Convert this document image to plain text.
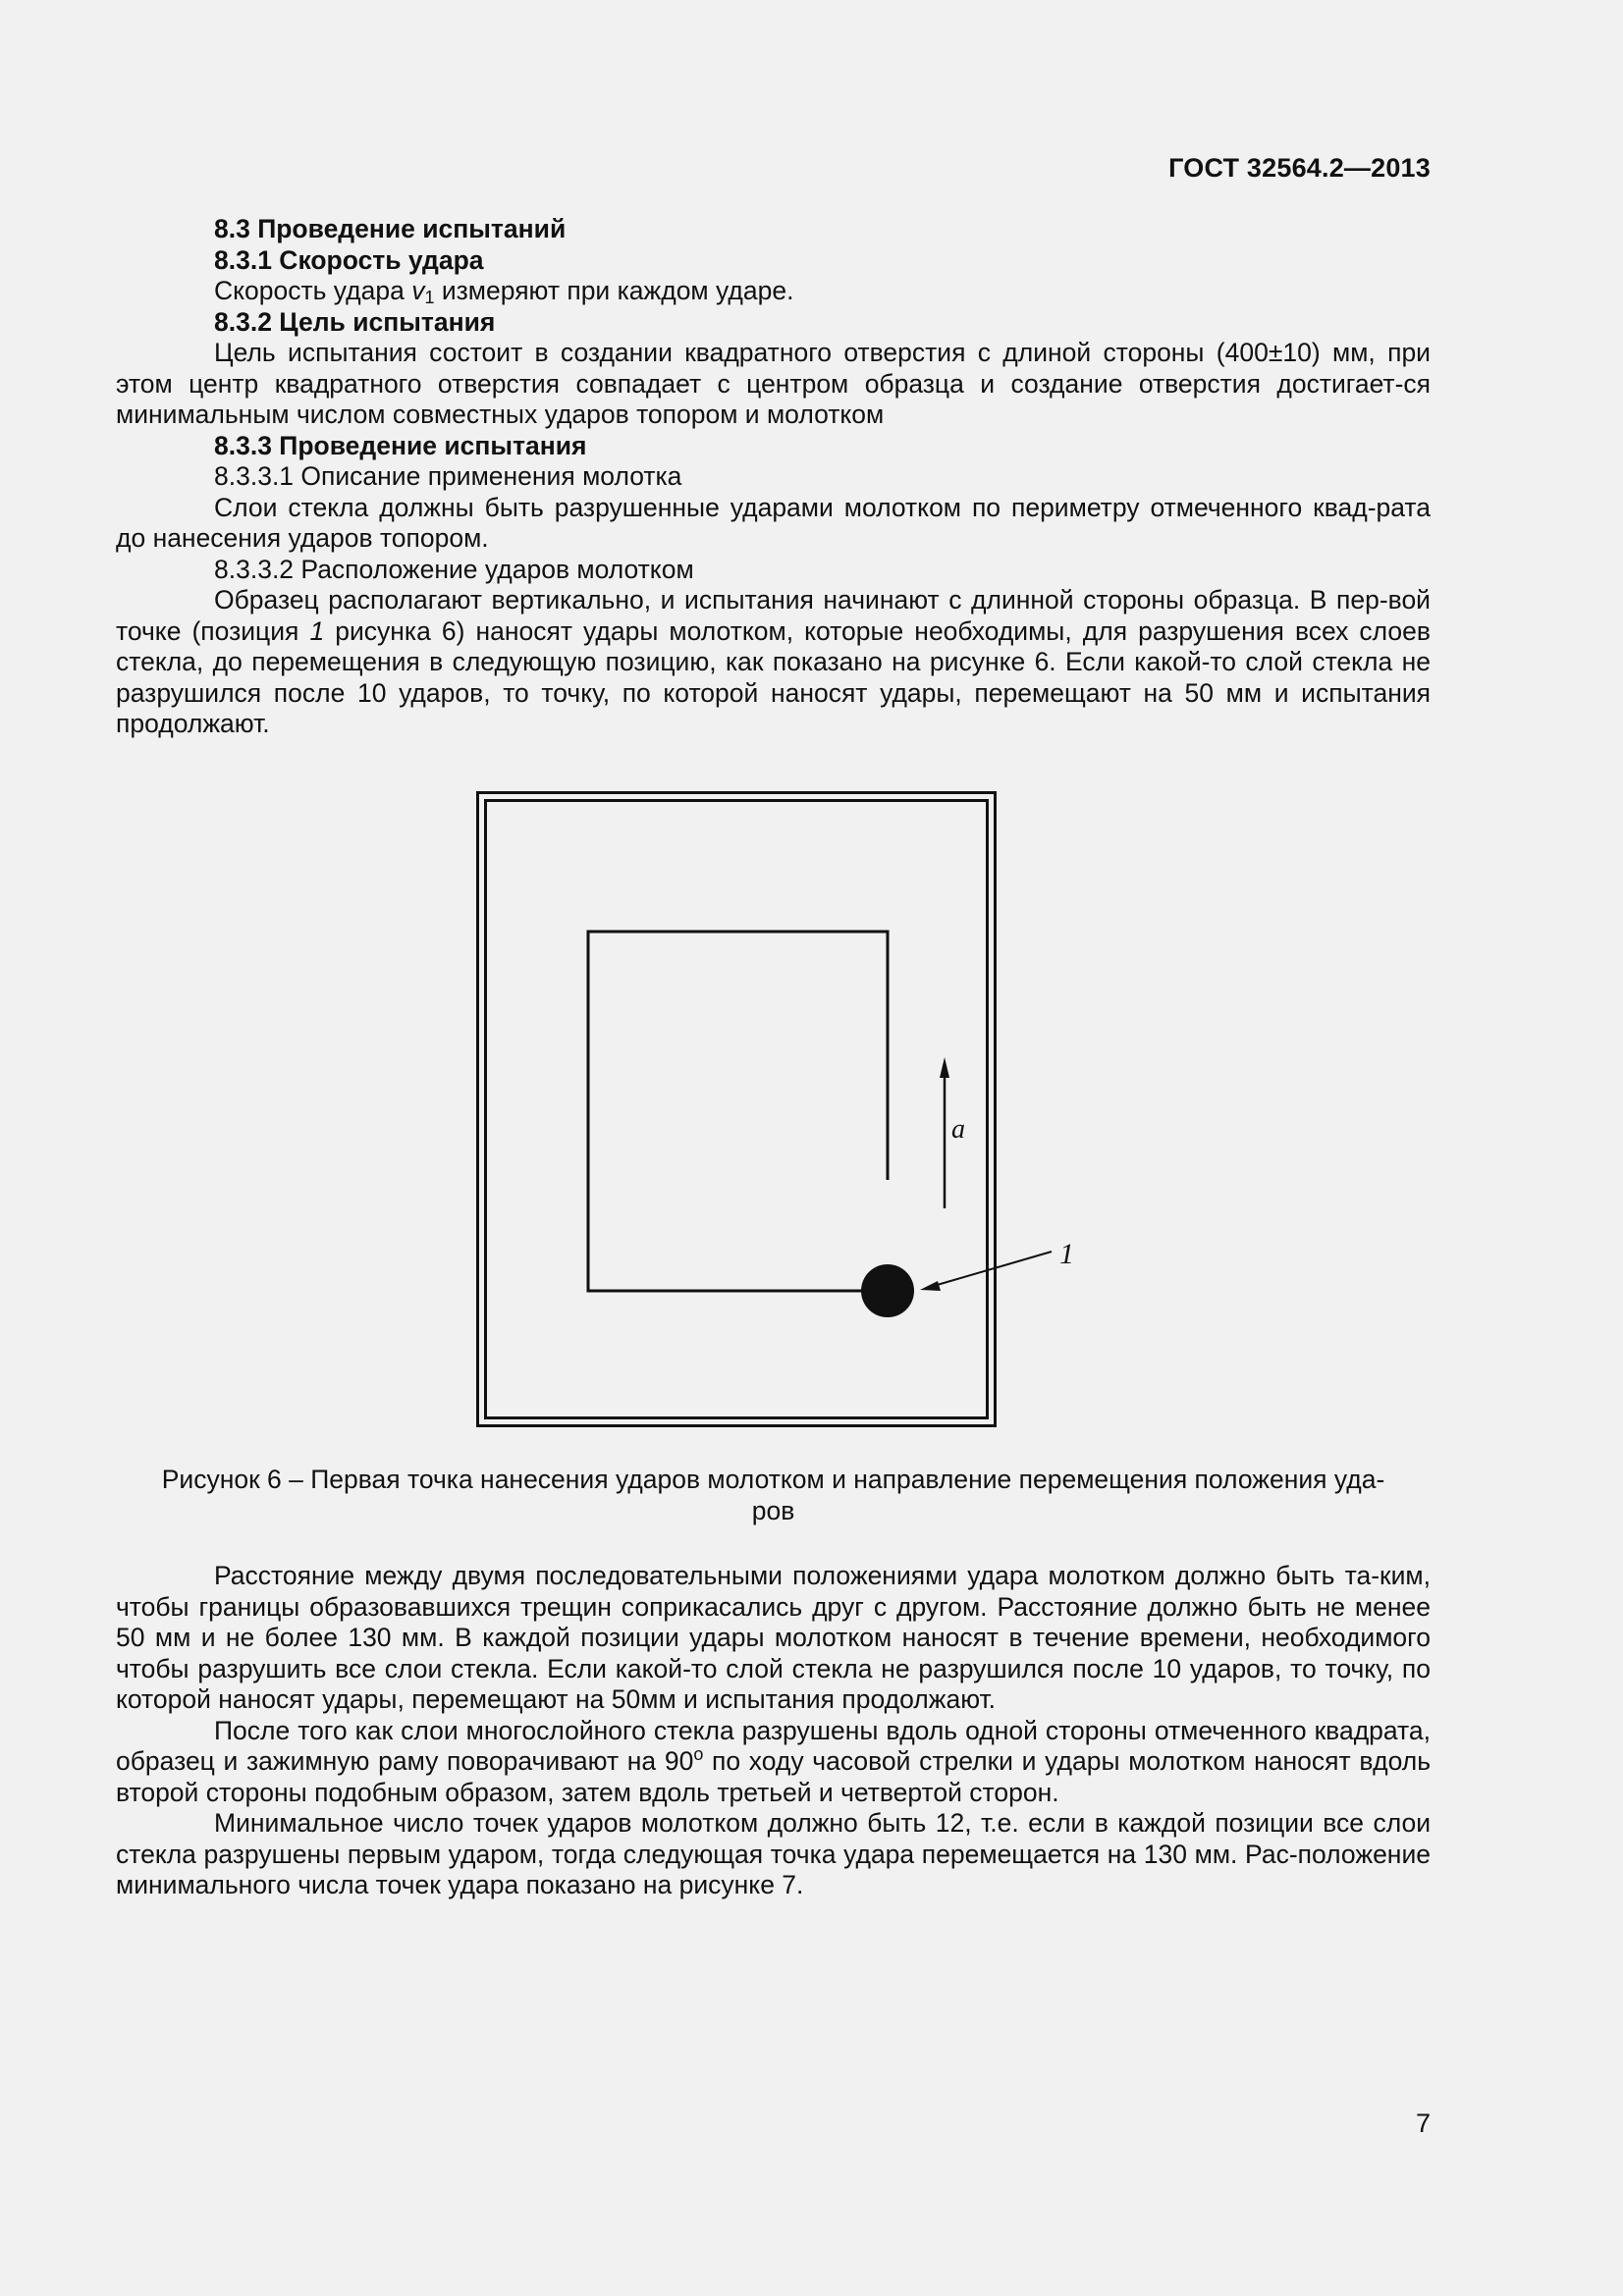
ГОСТ 32564.2—2013

8.3 Проведение испытаний

8.3.1 Скорость удара

Скорость удара $v_1$ измеряют при каждом ударе.

8.3.2 Цель испытания

Цель испытания состоит в создании квадратного отверстия с длиной стороны (400±10) мм, при этом центр квадратного отверстия совпадает с центром образца и создание отверстия достигает-ся минимальным числом совместных ударов топором и молотком

8.3.3 Проведение испытания

8.3.3.1 Описание применения молотка

Слои стекла должны быть разрушенные ударами молотком по периметру отмеченного квад-рата до нанесения ударов топором.

8.3.3.2 Расположение ударов молотком

Образец располагают вертикально, и испытания начинают с длинной стороны образца. В пер-вой точке (позиция 1 рисунка 6) наносят удары молотком, которые необходимы, для разрушения всех слоев стекла, до перемещения в следующую позицию, как показано на рисунке 6. Если какой-то слой стекла не разрушился после 10 ударов, то точку, по которой наносят удары, перемещают на 50 мм и испытания продолжают.

a
1
Рисунок 6 – Первая точка нанесения ударов молотком и направление перемещения положения уда-
ров

Расстояние между двумя последовательными положениями удара молотком должно быть та-ким, чтобы границы образовавшихся трещин соприкасались друг с другом. Расстояние должно быть не менее 50 мм и не более 130 мм. В каждой позиции удары молотком наносят в течение времени, необходимого чтобы разрушить все слои стекла. Если какой-то слой стекла не разрушился после 10 ударов, то точку, по которой наносят удары, перемещают на 50мм и испытания продолжают.

После того как слои многослойного стекла разрушены вдоль одной стороны отмеченного квадрата, образец и зажимную раму поворачивают на 90$^o$ по ходу часовой стрелки и удары молотком наносят вдоль второй стороны подобным образом, затем вдоль третьей и четвертой сторон.

Минимальное число точек ударов молотком должно быть 12, т.е. если в каждой позиции все слои стекла разрушены первым ударом, тогда следующая точка удара перемещается на 130 мм. Рас-положение минимального числа точек удара показано на рисунке 7.

7
